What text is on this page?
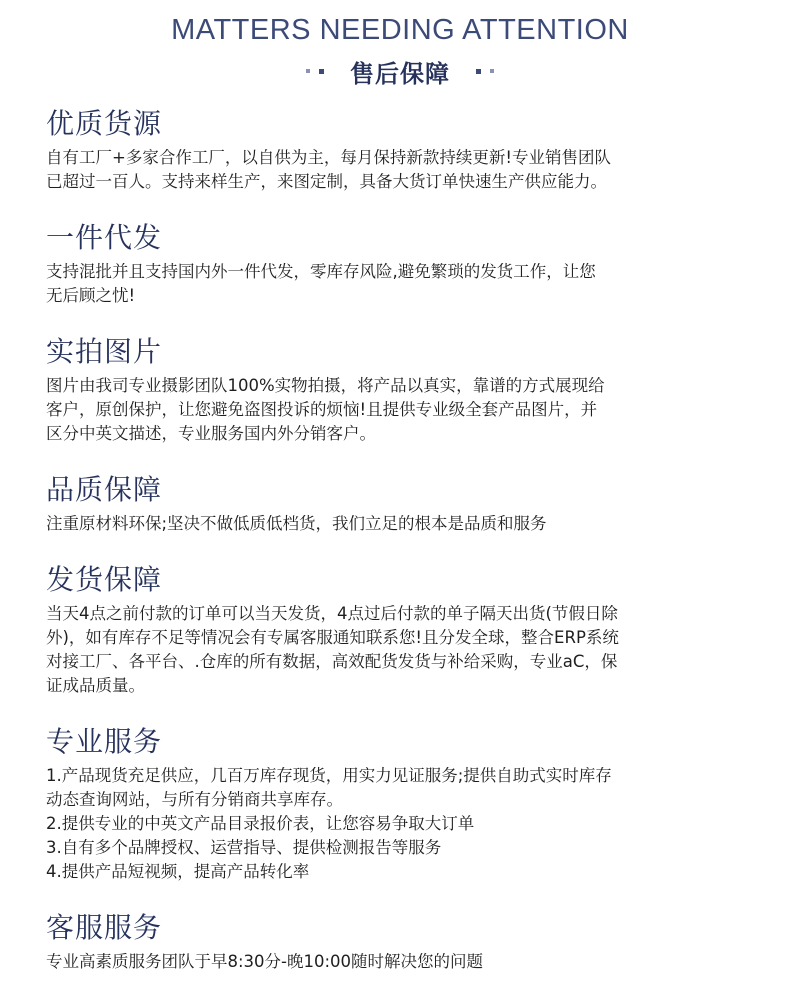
MATTERS NEEDING ATTENTION
售后保障
优质货源

自有工厂+多家合作工厂，以自供为主，每月保持新款持续更新!专业销售团队
已超过一百人。支持来样生产，来图定制，具备大货订单快速生产供应能力。

一件代发

支持混批并且支持国内外一件代发，零库存风险,避免繁琐的发货工作，让您
无后顾之忧!

实拍图片

图片由我司专业摄影团队100%实物拍摄，将产品以真实，靠谱的方式展现给
客户，原创保护，让您避免盗图投诉的烦恼!且提供专业级全套产品图片，并
区分中英文描述，专业服务国内外分销客户。

品质保障

注重原材料环保;坚决不做低质低档货，我们立足的根本是品质和服务

发货保障

当天4点之前付款的订单可以当天发货，4点过后付款的单子隔天出货(节假日除
外)，如有库存不足等情况会有专属客服通知联系您!且分发全球，整合ERP系统
对接工厂、各平台、.仓库的所有数据，高效配货发货与补给采购，专业aC，保
证成品质量。

专业服务

1.产品现货充足供应，几百万库存现货，用实力见证服务;提供自助式实时库存
动态查询网站，与所有分销商共享库存。
2.提供专业的中英文产品目录报价表，让您容易争取大订单
3.自有多个品牌授权、运营指导、提供检测报告等服务
4.提供产品短视频，提高产品转化率

客服服务

专业高素质服务团队于早8:30分-晚10:00随时解决您的问题
